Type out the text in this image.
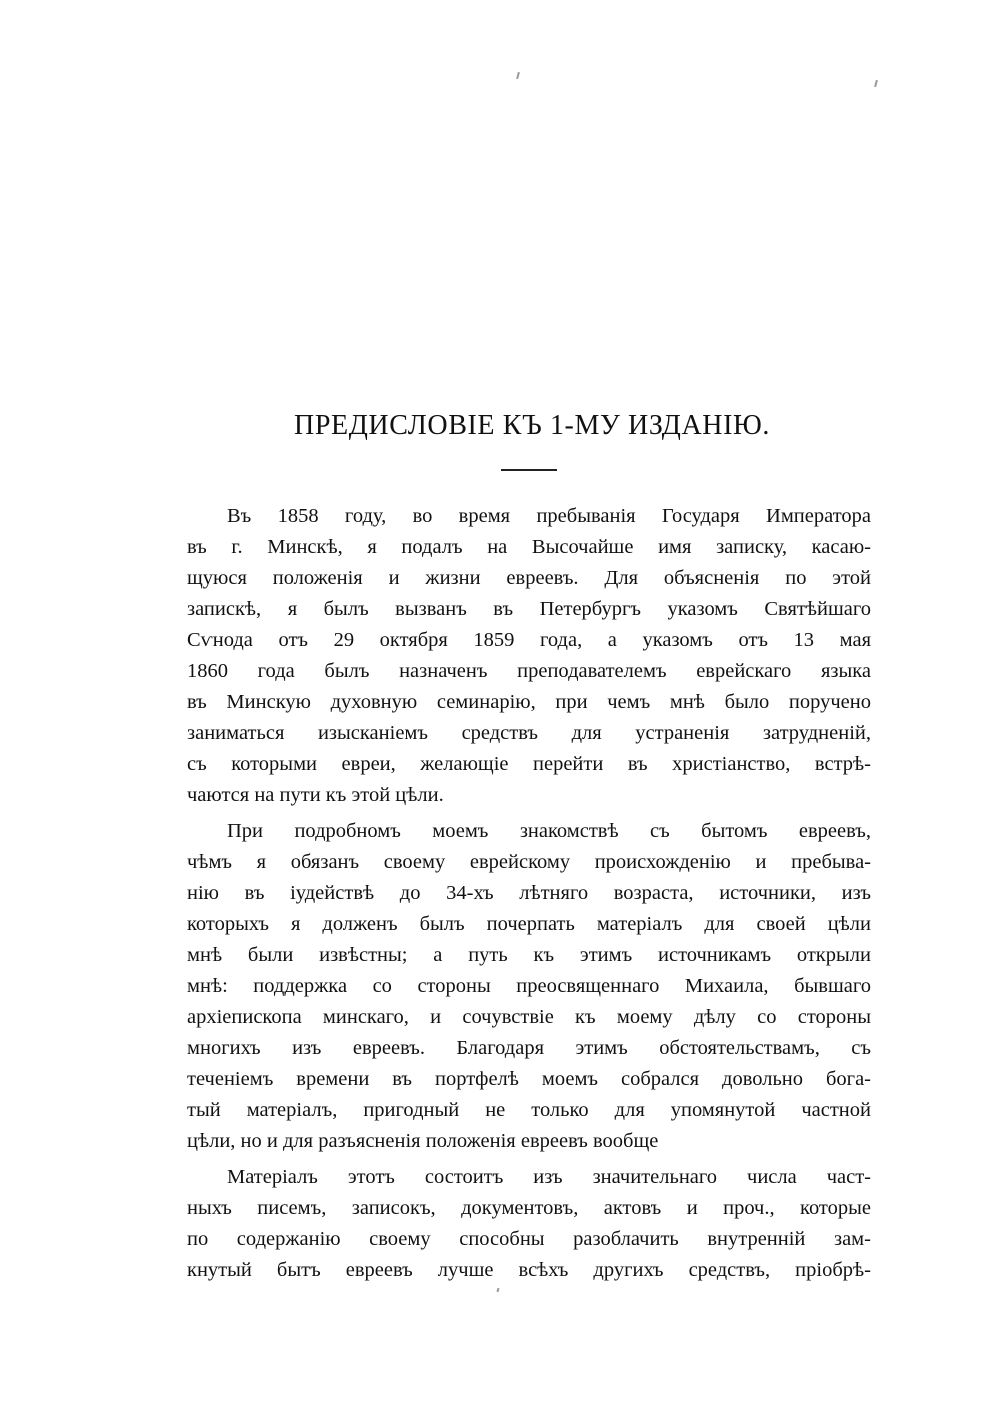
ПРЕДИСЛОВІЕ КЪ 1-МУ ИЗДАНІЮ.
Въ 1858 году, во время пребыванія Государя Императора
въ г. Минскѣ, я подалъ на Высочайше имя записку, касаю-
щуюся положенія и жизни евреевъ. Для объясненія по этой
запискѣ, я былъ вызванъ въ Петербургъ указомъ Святѣйшаго
Сѵнода отъ 29 октября 1859 года, а указомъ отъ 13 мая
1860 года былъ назначенъ преподавателемъ еврейскаго языка
въ Минскую духовную семинарію, при чемъ мнѣ было поручено
заниматься изысканіемъ средствъ для устраненія затрудненій,
съ которыми евреи, желающіе перейти въ христіанство, встрѣ-
чаются на пути къ этой цѣли.
При подробномъ моемъ знакомствѣ съ бытомъ евреевъ,
чѣмъ я обязанъ своему еврейскому происхожденію и пребыва-
нію въ іудействѣ до 34-хъ лѣтняго возраста, источники, изъ
которыхъ я долженъ былъ почерпать матеріалъ для своей цѣли
мнѣ были извѣстны; а путь къ этимъ источникамъ открыли
мнѣ: поддержка со стороны преосвященнаго Михаила, бывшаго
архіепископа минскаго, и сочувствіе къ моему дѣлу со стороны
многихъ изъ евреевъ. Благодаря этимъ обстоятельствамъ, съ
теченіемъ времени въ портфелѣ моемъ собрался довольно бога-
тый матеріалъ, пригодный не только для упомянутой частной
цѣли, но и для разъясненія положенія евреевъ вообще
Матеріалъ этотъ состоитъ изъ значительнаго числа част-
ныхъ писемъ, записокъ, документовъ, актовъ и проч., которые
по содержанію своему способны разоблачить внутренній зам-
кнутый бытъ евреевъ лучше всѣхъ другихъ средствъ, пріобрѣ-
